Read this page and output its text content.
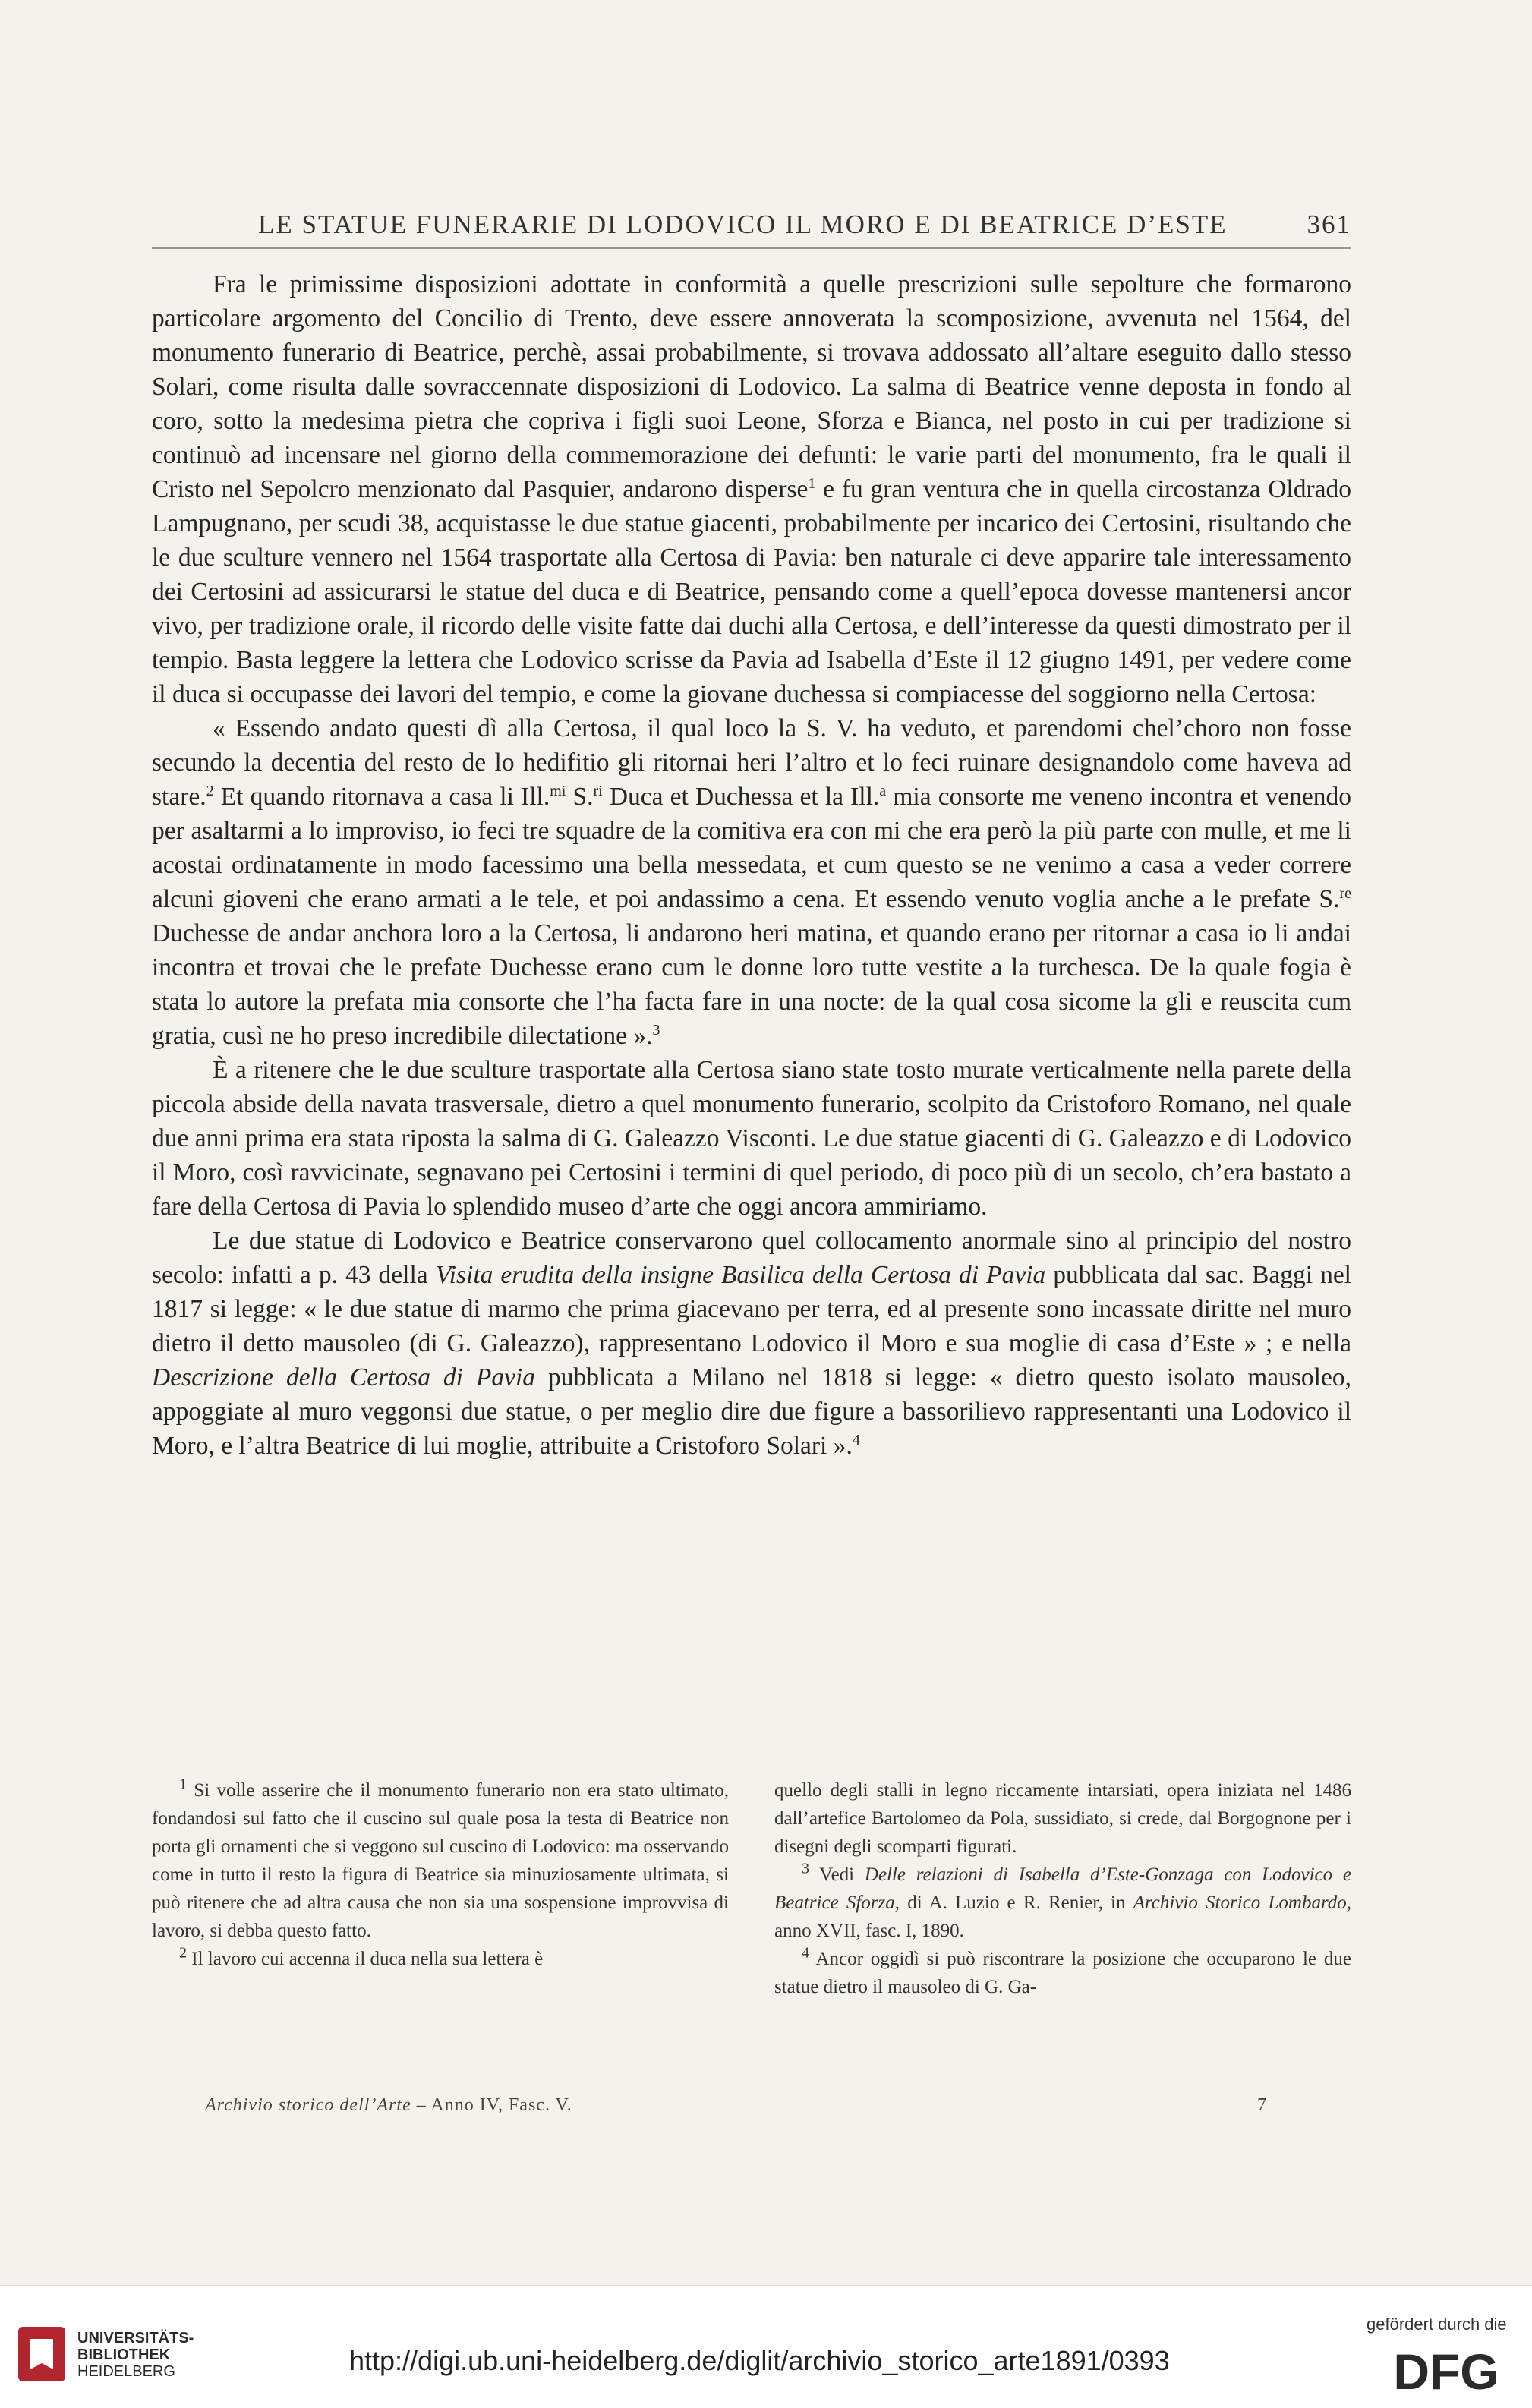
LE STATUE FUNERARIE DI LODOVICO IL MORO E DI BEATRICE D’ESTE	361

Fra le primissime disposizioni adottate in conformità a quelle prescrizioni sulle sepolture che formarono particolare argomento del Concilio di Trento, deve essere annoverata la scomposizione, avvenuta nel 1564, del monumento funerario di Beatrice, perchè, assai probabilmente, si trovava addossato all’altare eseguito dallo stesso Solari, come risulta dalle sovraccennate disposizioni di Lodovico. La salma di Beatrice venne deposta in fondo al coro, sotto la medesima pietra che copriva i figli suoi Leone, Sforza e Bianca, nel posto in cui per tradizione si continuò ad incensare nel giorno della commemorazione dei defunti: le varie parti del monumento, fra le quali il Cristo nel Sepolcro menzionato dal Pasquier, andarono disperse$^1$ e fu gran ventura che in quella circostanza Oldrado Lampugnano, per scudi 38, acquistasse le due statue giacenti, probabilmente per incarico dei Certosini, risultando che le due sculture vennero nel 1564 trasportate alla Certosa di Pavia: ben naturale ci deve apparire tale interessamento dei Certosini ad assicurarsi le statue del duca e di Beatrice, pensando come a quell’epoca dovesse mantenersi ancor vivo, per tradizione orale, il ricordo delle visite fatte dai duchi alla Certosa, e dell’interesse da questi dimostrato per il tempio. Basta leggere la lettera che Lodovico scrisse da Pavia ad Isabella d’Este il 12 giugno 1491, per vedere come il duca si occupasse dei lavori del tempio, e come la giovane duchessa si compiacesse del soggiorno nella Certosa:

« Essendo andato questi dì alla Certosa, il qual loco la S. V. ha veduto, et parendomi chel’choro non fosse secundo la decentia del resto de lo hedifitio gli ritornai heri l’altro et lo feci ruinare designandolo come haveva ad stare.$^2$ Et quando ritornava a casa li Ill.$^{mi}$ S.$^{ri}$ Duca et Duchessa et la Ill.$^a$ mia consorte me veneno incontra et venendo per asaltarmi a lo improviso, io feci tre squadre de la comitiva era con mi che era però la più parte con mulle, et me li acostai ordinatamente in modo facessimo una bella messedata, et cum questo se ne venimo a casa a veder correre alcuni gioveni che erano armati a le tele, et poi andassimo a cena. Et essendo venuto voglia anche a le prefate S.$^{re}$ Duchesse de andar anchora loro a la Certosa, li andarono heri matina, et quando erano per ritornar a casa io li andai incontra et trovai che le prefate Duchesse erano cum le donne loro tutte vestite a la turchesca. De la quale fogia è stata lo autore la prefata mia consorte che l’ha facta fare in una nocte: de la qual cosa sicome la gli e reuscita cum gratia, cusì ne ho preso incredibile dilectatione ».$^3$

È a ritenere che le due sculture trasportate alla Certosa siano state tosto murate verticalmente nella parete della piccola abside della navata trasversale, dietro a quel monumento funerario, scolpito da Cristoforo Romano, nel quale due anni prima era stata riposta la salma di G. Galeazzo Visconti. Le due statue giacenti di G. Galeazzo e di Lodovico il Moro, così ravvicinate, segnavano pei Certosini i termini di quel periodo, di poco più di un secolo, ch’era bastato a fare della Certosa di Pavia lo splendido museo d’arte che oggi ancora ammiriamo.

Le due statue di Lodovico e Beatrice conservarono quel collocamento anormale sino al principio del nostro secolo: infatti a p. 43 della Visita erudita della insigne Basilica della Certosa di Pavia pubblicata dal sac. Baggi nel 1817 si legge: « le due statue di marmo che prima giacevano per terra, ed al presente sono incassate diritte nel muro dietro il detto mausoleo (di G. Galeazzo), rappresentano Lodovico il Moro e sua moglie di casa d’Este » ; e nella Descrizione della Certosa di Pavia pubblicata a Milano nel 1818 si legge: « dietro questo isolato mausoleo, appoggiate al muro veggonsi due statue, o per meglio dire due figure a bassorilievo rappresentanti una Lodovico il Moro, e l’altra Beatrice di lui moglie, attribuite a Cristoforo Solari ».$^4$

$^1$ Si volle asserire che il monumento funerario non era stato ultimato, fondandosi sul fatto che il cuscino sul quale posa la testa di Beatrice non porta gli ornamenti che si veggono sul cuscino di Lodovico: ma osservando come in tutto il resto la figura di Beatrice sia minuziosamente ultimata, si può ritenere che ad altra causa che non sia una sospensione improvvisa di lavoro, si debba questo fatto.

$^2$ Il lavoro cui accenna il duca nella sua lettera è

quello degli stalli in legno riccamente intarsiati, opera iniziata nel 1486 dall’artefice Bartolomeo da Pola, sussidiato, si crede, dal Borgognone per i disegni degli scomparti figurati.

$^3$ Vedi Delle relazioni di Isabella d’Este-Gonzaga con Lodovico e Beatrice Sforza, di A. Luzio e R. Renier, in Archivio Storico Lombardo, anno XVII, fasc. I, 1890.

$^4$ Ancor oggidì si può riscontrare la posizione che occuparono le due statue dietro il mausoleo di G. Ga-

Archivio storico dell’Arte – Anno IV, Fasc. V.	7
UNIVERSITÄTS-
BIBLIOTHEK
HEIDELBERG	http://digi.ub.uni-heidelberg.de/diglit/archivio_storico_arte1891/0393
gefördert durch die
DFG
